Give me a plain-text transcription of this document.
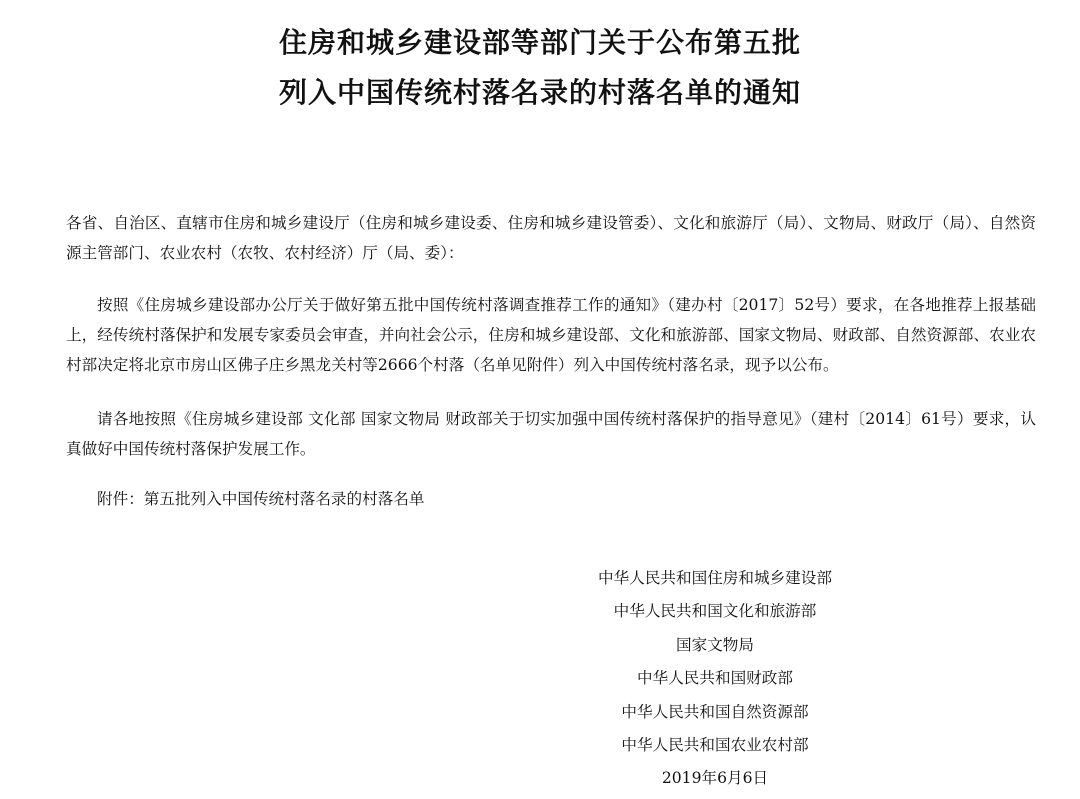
住房和城乡建设部等部门关于公布第五批
列入中国传统村落名录的村落名单的通知

各省、自治区、直辖市住房和城乡建设厅（住房和城乡建设委、住房和城乡建设管委）、文化和旅游厅（局）、文物局、财政厅（局）、自然资源主管部门、农业农村（农牧、农村经济）厅（局、委）：

按照《住房城乡建设部办公厅关于做好第五批中国传统村落调查推荐工作的通知》（建办村〔2017〕52号）要求，在各地推荐上报基础上，经传统村落保护和发展专家委员会审查，并向社会公示，住房和城乡建设部、文化和旅游部、国家文物局、财政部、自然资源部、农业农村部决定将北京市房山区佛子庄乡黑龙关村等2666个村落（名单见附件）列入中国传统村落名录，现予以公布。

请各地按照《住房城乡建设部 文化部 国家文物局 财政部关于切实加强中国传统村落保护的指导意见》（建村〔2014〕61号）要求，认真做好中国传统村落保护发展工作。

附件：第五批列入中国传统村落名录的村落名单

中华人民共和国住房和城乡建设部
中华人民共和国文化和旅游部
国家文物局
中华人民共和国财政部
中华人民共和国自然资源部
中华人民共和国农业农村部
2019年6月6日
